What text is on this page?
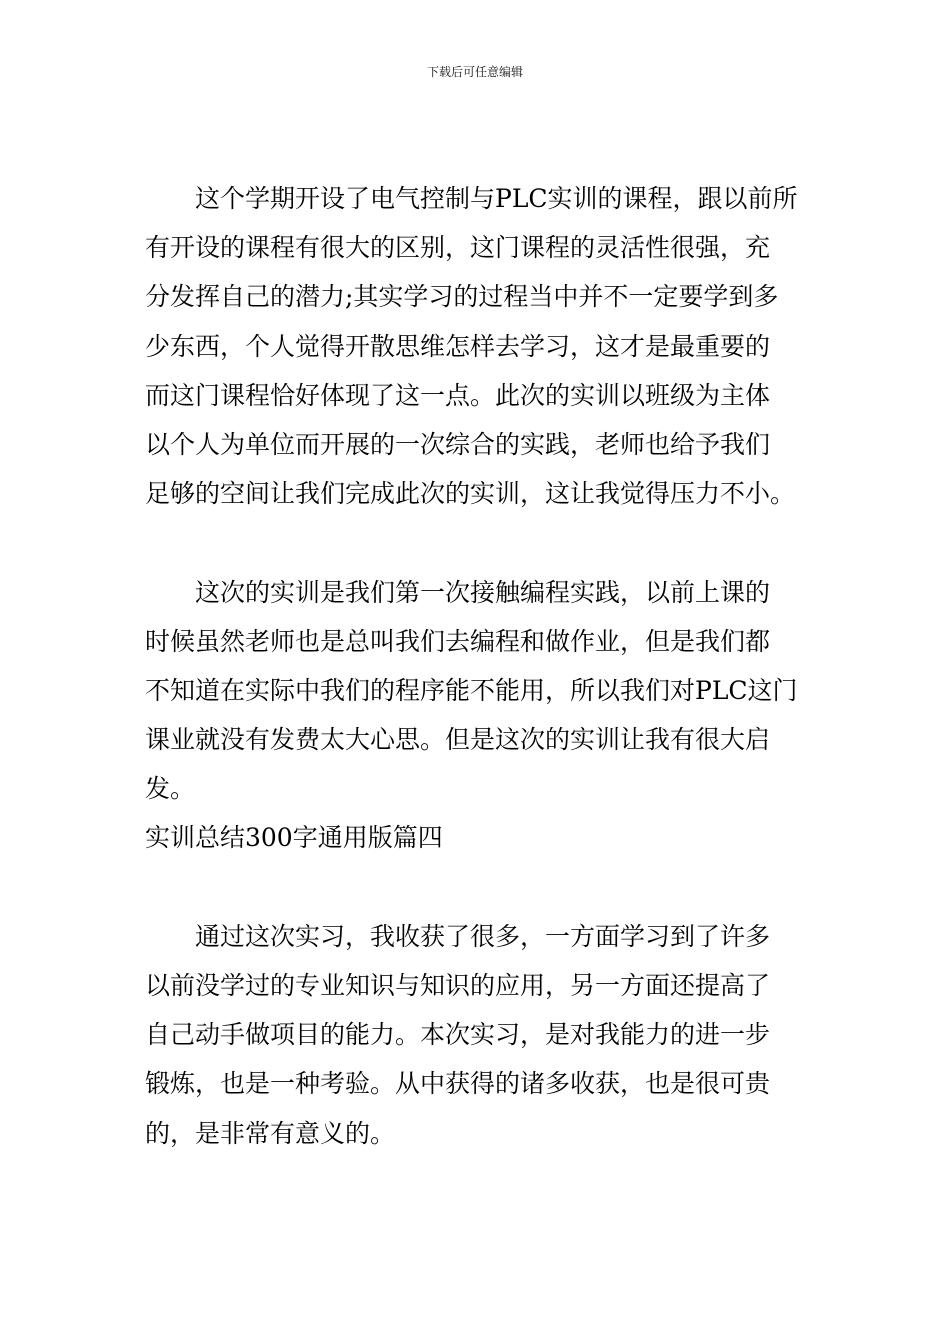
下载后可任意编辑
这个学期开设了电气控制与PLC实训的课程，跟以前所
有开设的课程有很大的区别，这门课程的灵活性很强，充
分发挥自己的潜力;其实学习的过程当中并不一定要学到多
少东西，个人觉得开散思维怎样去学习，这才是最重要的
而这门课程恰好体现了这一点。此次的实训以班级为主体
以个人为单位而开展的一次综合的实践，老师也给予我们
足够的空间让我们完成此次的实训，这让我觉得压力不小。
这次的实训是我们第一次接触编程实践，以前上课的
时候虽然老师也是总叫我们去编程和做作业，但是我们都
不知道在实际中我们的程序能不能用，所以我们对PLC这门
课业就没有发费太大心思。但是这次的实训让我有很大启
发。
实训总结300字通用版篇四
通过这次实习，我收获了很多，一方面学习到了许多
以前没学过的专业知识与知识的应用，另一方面还提高了
自己动手做项目的能力。本次实习，是对我能力的进一步
锻炼，也是一种考验。从中获得的诸多收获，也是很可贵
的，是非常有意义的。
